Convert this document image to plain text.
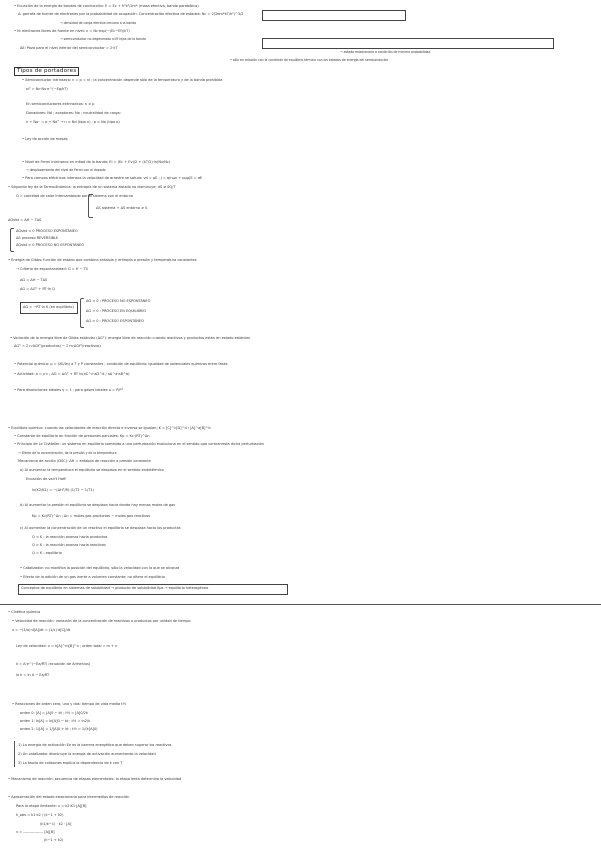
• Ecuación de la energía de bandas de conducción: E = Ec + ħ²k²/2m* (masa efectiva, banda parabólica)
Δ: garrafa de fuente de electrones por la probabilidad de ocupación. Concentración efectiva de estados: Nc = 2(2πm*kT/h²)^3/2
→ densidad de carga efectiva cercana a la banda
• N: electrones libres de fuente en nivel: n = Nc·exp(−(Ec−Ef)/kT)
→ semiconductor no degenerado si Ef lejos de la banda
ΔE: Pozo para el nivel inferior del semiconductor = 2·kT
→ estado estacionario o condición de mínima probabilidad
• sólo en relación con la condición de equilibrio térmico con los estados de energía del semiconductor
Tipos de portadores
• Semiconductor intrínseco: n = p = ni ; la concentración depende sólo de la temperatura y de la banda prohibida
ni² = Nc·Nv·e^(−Eg/kT)
En semiconductores extrínsecos: n ≠ p
Donadores: Nd ; aceptores: Na ; neutralidad de carga:
n + Na⁻ = p + Nd⁺ → n ≈ Nd (tipo n) ; p ≈ Na (tipo p)
• Ley de acción de masas:
• Nivel de Fermi intrínseco en mitad de la banda; Ei = (Ec + Ev)/2 + (kT/2)·ln(Nv/Nc)
→ desplazamiento del nivel de Fermi con el dopado
• Para campos eléctricos intensos la velocidad de arrastre se satura: vd = μE ; J = q(nμn + pμp)E = σE
• Segunda ley de la Termodinámica: la entropía de un sistema aislado no disminuye; dS ≥ δQ/T
Q = cantidad de calor intercambiado por el sistema con el entorno
ΔS sistema + ΔS entorno ≥ 0
ΔGsist = ΔH − TΔS
ΔGsist < 0 PROCESO ESPONTÁNEO
ΔS proceso REVERSIBLE
ΔGsist > 0 PROCESO NO ESPONTÁNEO
• Energía de Gibbs: función de estado que combina entalpía y entropía a presión y temperatura constantes
→ Criterio de espontaneidad: G = H − TS
ΔG = ΔH − TΔS
ΔG = ΔG° + RT·ln Q
ΔG = −RT·ln K (en equilibrio)
ΔG < 0 : PROCESO NO ESPONTÁNEO
ΔG = 0 : PROCESO EN EQUILIBRIO
ΔG > 0 : PROCESO ESPONTÁNEO
• Variación de la energía libre de Gibbs estándar (ΔG°): energía libre de reacción cuando reactivos y productos están en estado estándar
ΔG° = Σ n·ΔGf°(productos) − Σ m·ΔGf°(reactivos)
• Potencial químico: μ = (∂G/∂n) a T y P constantes ; condición de equilibrio: igualdad de potenciales químicos entre fases
• Actividad: a = γ·c ; ΔG = ΔG° + RT ln(aC^c·aD^d / aA^a·aB^b)
• Para disoluciones ideales γ = 1 ; para gases ideales a = P/P°
• Equilibrio químico: cuando las velocidades de reacción directa e inversa se igualan; K = [C]^c[D]^d / [A]^a[B]^b
• Constante de equilibrio en función de presiones parciales: Kp = Kc·(RT)^Δn
• Principio de Le Châtelier: un sistema en equilibrio sometido a una perturbación evoluciona en el sentido que contrarresta dicha perturbación
→ Efecto de la concentración, de la presión y de la temperatura
Mecanismo de acción (DSC): ΔH = entalpía de reacción a presión constante
a) Al aumentar la temperatura el equilibrio se desplaza en el sentido endotérmico
Ecuación de van't Hoff:
ln(K2/K1) = −(ΔH°/R)·(1/T2 − 1/T1)
b) Al aumentar la presión el equilibrio se desplaza hacia donde hay menos moles de gas
Kp = Kc(RT)^Δn ; Δn = moles gas productos − moles gas reactivos
c) Al aumentar la concentración de un reactivo el equilibrio se desplaza hacia los productos
Q < K : la reacción avanza hacia productos
Q > K : la reacción avanza hacia reactivos
Q = K : equilibrio
• Catalizador: no modifica la posición del equilibrio, sólo la velocidad con la que se alcanza
• Efecto de la adición de un gas inerte a volumen constante: no altera el equilibrio
Conceptos de equilibrio en sistemas de solubilidad → producto de solubilidad Kps → equilibrio heterogéneo
• Cinética química
• Velocidad de reacción: variación de la concentración de reactivos o productos por unidad de tiempo
v = −(1/a)·d[A]/dt = (1/c)·d[C]/dt
Ley de velocidad: v = k[A]^m[B]^n ; orden total = m + n
k = A·e^(−Ea/RT) (ecuación de Arrhenius)
ln k = ln A − Ea/RT
• Reacciones de orden cero, uno y dos: tiempo de vida media t½
orden 0: [A] = [A]0 − kt ; t½ = [A]0/2k
orden 1: ln[A] = ln[A]0 − kt ; t½ = ln2/k
orden 2: 1/[A] = 1/[A]0 + kt ; t½ = 1/(k[A]0)
1) La energía de activación Ea es la barrera energética que deben superar los reactivos
2) Un catalizador disminuye la energía de activación aumentando la velocidad
3) La teoría de colisiones explica la dependencia de k con T
• Mecanismo de reacción: secuencia de etapas elementales; la etapa lenta determina la velocidad
• Aproximación del estado estacionario para intermedios de reacción
Para la etapa limitante: v = k2·K1·[A][B]
k_obs = k1·k2 / (k−1 + k2)
(k1/k−1) · k2 · [A]
v = ---------------- [A][B]
(k−1 + k2)
